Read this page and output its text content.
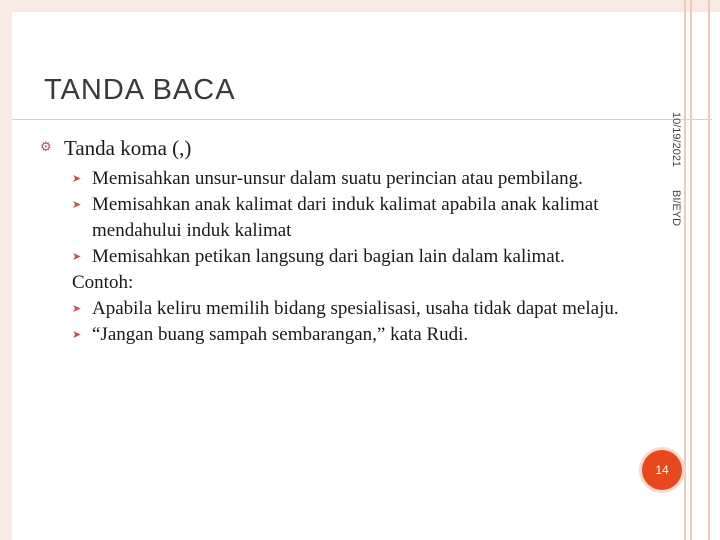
TANDA BACA
10/19/2021
BI/EYD
⚙ Tanda koma (,)
➤ Memisahkan unsur-unsur dalam suatu perincian atau pembilang.
➤ Memisahkan anak kalimat dari induk kalimat apabila anak kalimat mendahului induk kalimat
➤ Memisahkan petikan langsung dari bagian lain dalam kalimat.
Contoh:
➤ Apabila keliru memilih bidang spesialisasi, usaha tidak dapat melaju.
➤ “Jangan buang sampah sembarangan,” kata Rudi.
14
